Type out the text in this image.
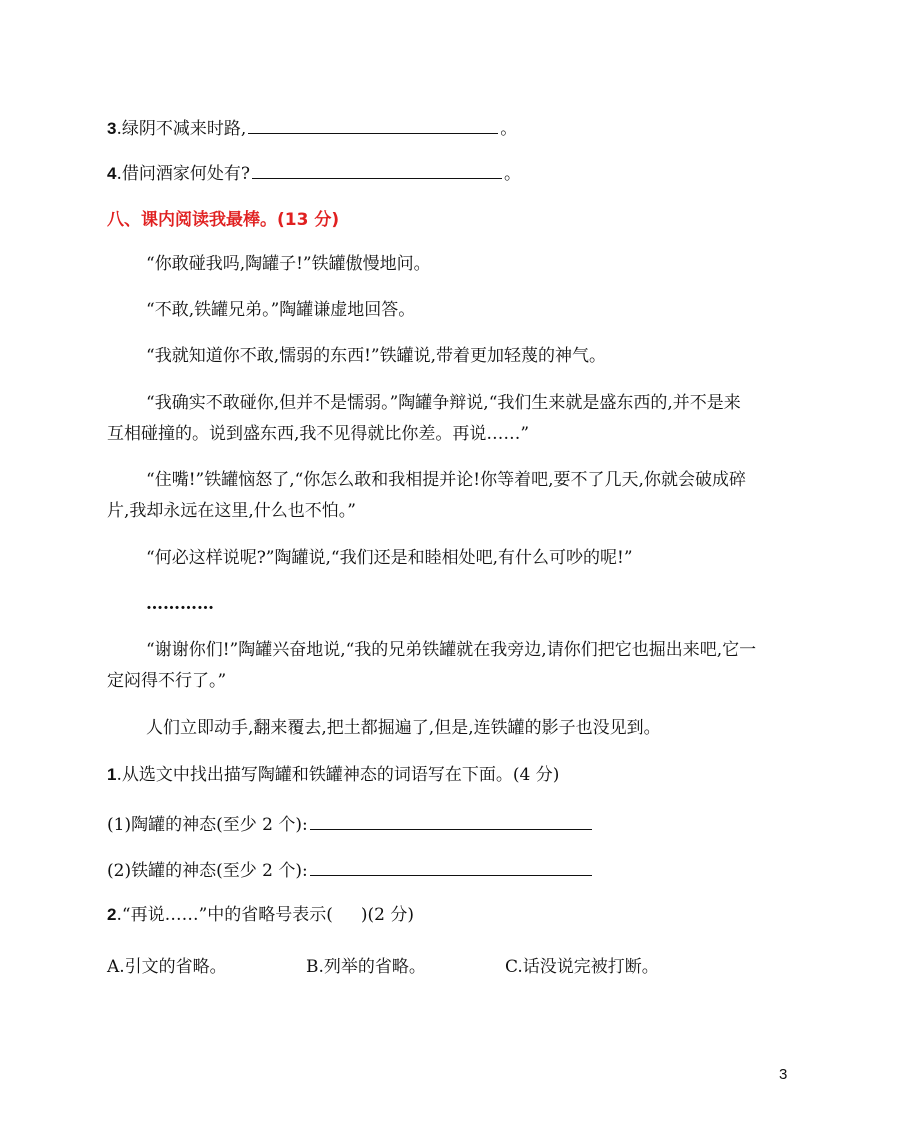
3.绿阴不减来时路,	。
4.借问酒家何处有?	。
八、课内阅读我最棒。(13 分)
“你敢碰我吗,陶罐子!”铁罐傲慢地问。
“不敢,铁罐兄弟。”陶罐谦虚地回答。
“我就知道你不敢,懦弱的东西!”铁罐说,带着更加轻蔑的神气。
“我确实不敢碰你,但并不是懦弱。”陶罐争辩说,“我们生来就是盛东西的,并不是来
互相碰撞的。说到盛东西,我不见得就比你差。再说……”
“住嘴!”铁罐恼怒了,“你怎么敢和我相提并论!你等着吧,要不了几天,你就会破成碎
片,我却永远在这里,什么也不怕。”
“何必这样说呢?”陶罐说,“我们还是和睦相处吧,有什么可吵的呢!”
…………
“谢谢你们!”陶罐兴奋地说,“我的兄弟铁罐就在我旁边,请你们把它也掘出来吧,它一
定闷得不行了。”
人们立即动手,翻来覆去,把土都掘遍了,但是,连铁罐的影子也没见到。
1.从选文中找出描写陶罐和铁罐神态的词语写在下面。(4 分)
(1)陶罐的神态(至少 2 个):
(2)铁罐的神态(至少 2 个):
2.“再说……”中的省略号表示( )(2 分)
A.引文的省略。	B.列举的省略。	C.话没说完被打断。
3
